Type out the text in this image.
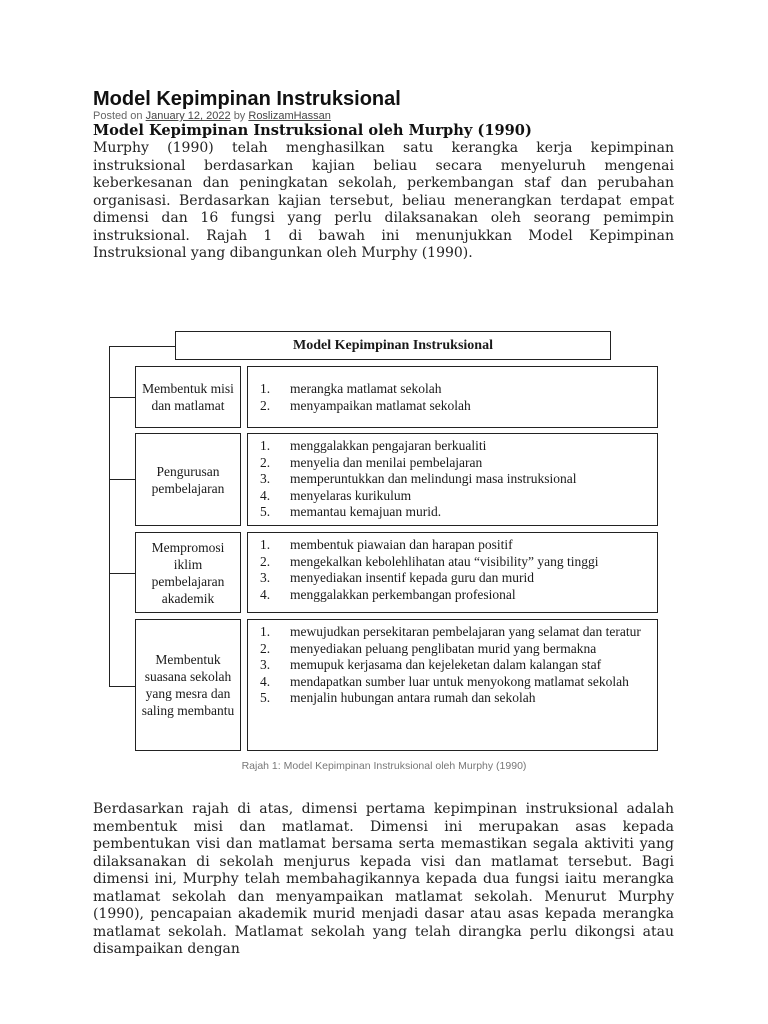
Model Kepimpinan Instruksional
Posted on January 12, 2022 by RoslizamHassan
Model Kepimpinan Instruksional oleh Murphy (1990)

Murphy (1990) telah menghasilkan satu kerangka kerja kepimpinan instruksional berdasarkan kajian beliau secara menyeluruh mengenai keberkesanan dan peningkatan sekolah, perkembangan staf dan perubahan organisasi. Berdasarkan kajian tersebut, beliau menerangkan terdapat empat dimensi dan 16 fungsi yang perlu dilaksanakan oleh seorang pemimpin instruksional. Rajah 1 di bawah ini menunjukkan Model Kepimpinan Instruksional yang dibangunkan oleh Murphy (1990).

Model Kepimpinan Instruksional
Membentuk misi dan matlamat
1.	merangka matlamat sekolah
2.	menyampaikan matlamat sekolah
Pengurusan pembelajaran
1.	menggalakkan pengajaran berkualiti
2.	menyelia dan menilai pembelajaran
3.	memperuntukkan dan melindungi masa instruksional
4.	menyelaras kurikulum
5.	memantau kemajuan murid.
Mempromosi iklim pembelajaran akademik
1.	membentuk piawaian dan harapan positif
2.	mengekalkan kebolehlihatan atau “visibility” yang tinggi
3.	menyediakan insentif kepada guru dan murid
4.	menggalakkan perkembangan profesional
Membentuk suasana sekolah yang mesra dan saling membantu
1.	mewujudkan persekitaran pembelajaran yang selamat dan teratur
2.	menyediakan peluang penglibatan murid yang bermakna
3.	memupuk kerjasama dan kejeleketan dalam kalangan staf
4.	mendapatkan sumber luar untuk menyokong matlamat sekolah
5.	menjalin hubungan antara rumah dan sekolah
Rajah 1: Model Kepimpinan Instruksional oleh Murphy (1990)

Berdasarkan rajah di atas, dimensi pertama kepimpinan instruksional adalah membentuk misi dan matlamat. Dimensi ini merupakan asas kepada pembentukan visi dan matlamat bersama serta memastikan segala aktiviti yang dilaksanakan di sekolah menjurus kepada visi dan matlamat tersebut. Bagi dimensi ini, Murphy telah membahagikannya kepada dua fungsi iaitu merangka matlamat sekolah dan menyampaikan matlamat sekolah. Menurut Murphy (1990), pencapaian akademik murid menjadi dasar atau asas kepada merangka matlamat sekolah. Matlamat sekolah yang telah dirangka perlu dikongsi atau disampaikan dengan
